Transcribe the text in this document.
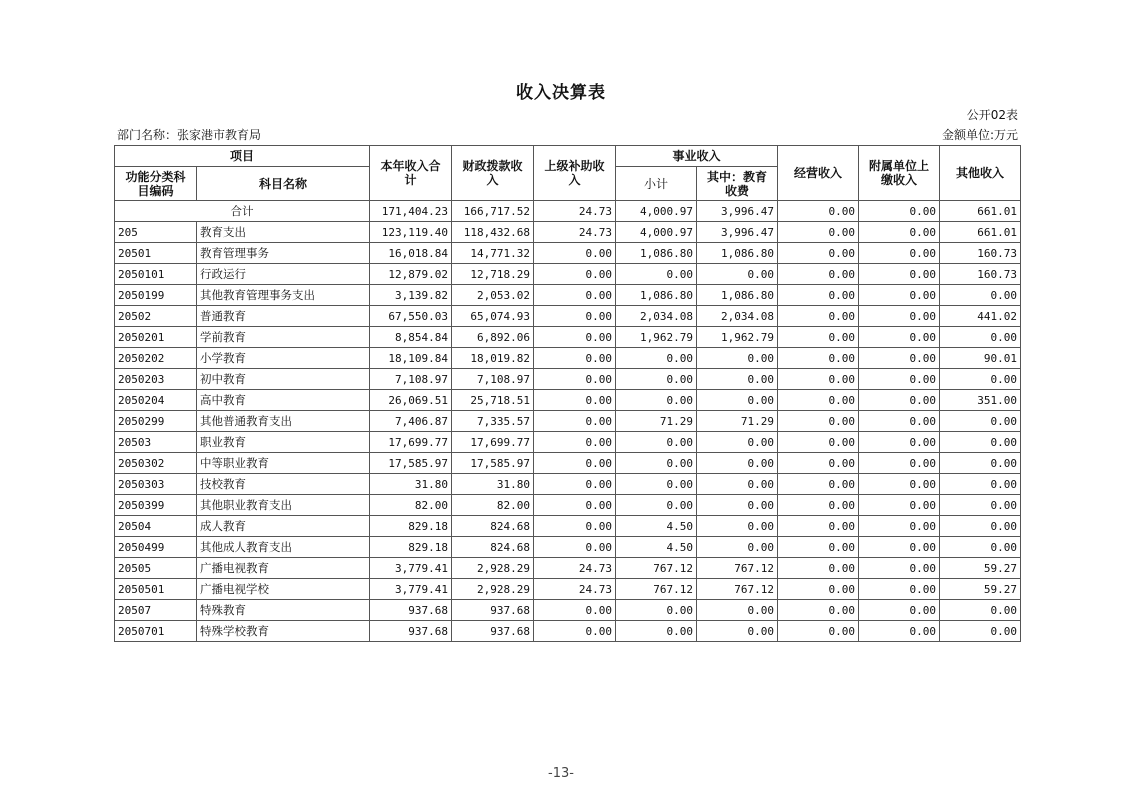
收入决算表
公开02表
部门名称：张家港市教育局	金额单位:万元
项目		本年收入合计	财政拨款收入	上级补助收入	事业收入		经营收入	附属单位上缴收入	其他收入

功能分类科目编码	科目名称				小计	其中：教育收费			

合计		171,404.23	166,717.52	24.73	4,000.97	3,996.47	0.00	0.00	661.01
205	教育支出	123,119.40	118,432.68	24.73	4,000.97	3,996.47	0.00	0.00	661.01
20501	教育管理事务	16,018.84	14,771.32	0.00	1,086.80	1,086.80	0.00	0.00	160.73
2050101	行政运行	12,879.02	12,718.29	0.00	0.00	0.00	0.00	0.00	160.73
2050199	其他教育管理事务支出	3,139.82	2,053.02	0.00	1,086.80	1,086.80	0.00	0.00	0.00
20502	普通教育	67,550.03	65,074.93	0.00	2,034.08	2,034.08	0.00	0.00	441.02
2050201	学前教育	8,854.84	6,892.06	0.00	1,962.79	1,962.79	0.00	0.00	0.00
2050202	小学教育	18,109.84	18,019.82	0.00	0.00	0.00	0.00	0.00	90.01
2050203	初中教育	7,108.97	7,108.97	0.00	0.00	0.00	0.00	0.00	0.00
2050204	高中教育	26,069.51	25,718.51	0.00	0.00	0.00	0.00	0.00	351.00
2050299	其他普通教育支出	7,406.87	7,335.57	0.00	71.29	71.29	0.00	0.00	0.00
20503	职业教育	17,699.77	17,699.77	0.00	0.00	0.00	0.00	0.00	0.00
2050302	中等职业教育	17,585.97	17,585.97	0.00	0.00	0.00	0.00	0.00	0.00
2050303	技校教育	31.80	31.80	0.00	0.00	0.00	0.00	0.00	0.00
2050399	其他职业教育支出	82.00	82.00	0.00	0.00	0.00	0.00	0.00	0.00
20504	成人教育	829.18	824.68	0.00	4.50	0.00	0.00	0.00	0.00
2050499	其他成人教育支出	829.18	824.68	0.00	4.50	0.00	0.00	0.00	0.00
20505	广播电视教育	3,779.41	2,928.29	24.73	767.12	767.12	0.00	0.00	59.27
2050501	广播电视学校	3,779.41	2,928.29	24.73	767.12	767.12	0.00	0.00	59.27
20507	特殊教育	937.68	937.68	0.00	0.00	0.00	0.00	0.00	0.00
2050701	特殊学校教育	937.68	937.68	0.00	0.00	0.00	0.00	0.00	0.00
-13-
